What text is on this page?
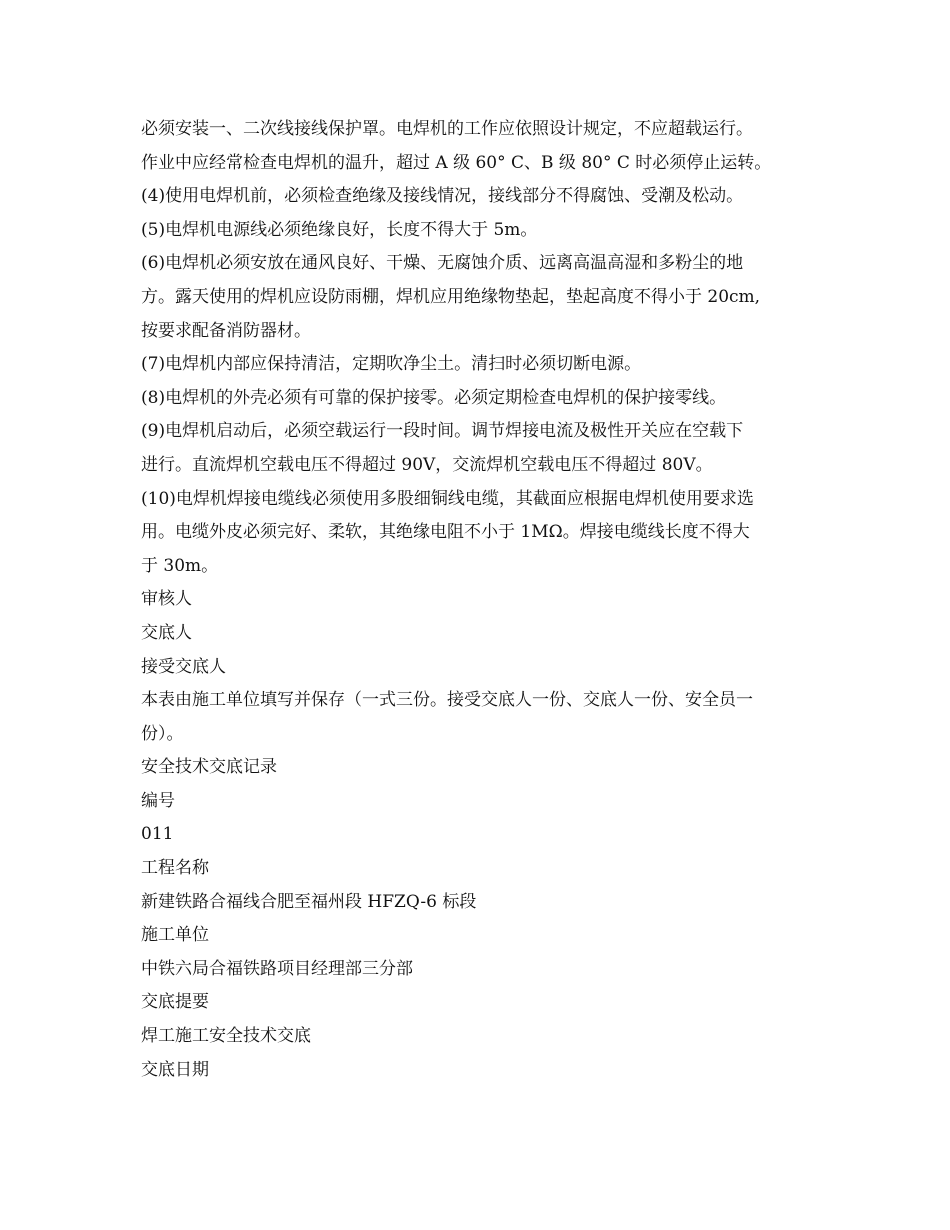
必须安装一、二次线接线保护罩。电焊机的工作应依照设计规定，不应超载运行。
作业中应经常检查电焊机的温升，超过 A 级 60° C、B 级 80° C 时必须停止运转。
(4)使用电焊机前，必须检查绝缘及接线情况，接线部分不得腐蚀、受潮及松动。
(5)电焊机电源线必须绝缘良好，长度不得大于 5m。
(6)电焊机必须安放在通风良好、干燥、无腐蚀介质、远离高温高湿和多粉尘的地
方。露天使用的焊机应设防雨棚，焊机应用绝缘物垫起，垫起高度不得小于 20cm,
按要求配备消防器材。
(7)电焊机内部应保持清洁，定期吹净尘土。清扫时必须切断电源。
(8)电焊机的外壳必须有可靠的保护接零。必须定期检查电焊机的保护接零线。
(9)电焊机启动后，必须空载运行一段时间。调节焊接电流及极性开关应在空载下
进行。直流焊机空载电压不得超过 90V，交流焊机空载电压不得超过 80V。
(10)电焊机焊接电缆线必须使用多股细铜线电缆，其截面应根据电焊机使用要求选
用。电缆外皮必须完好、柔软，其绝缘电阻不小于 1MΩ。焊接电缆线长度不得大
于 30m。
审核人
交底人
接受交底人
本表由施工单位填写并保存（一式三份。接受交底人一份、交底人一份、安全员一
份）。
安全技术交底记录
编号
011
工程名称
新建铁路合福线合肥至福州段 HFZQ-6 标段
施工单位
中铁六局合福铁路项目经理部三分部
交底提要
焊工施工安全技术交底
交底日期
